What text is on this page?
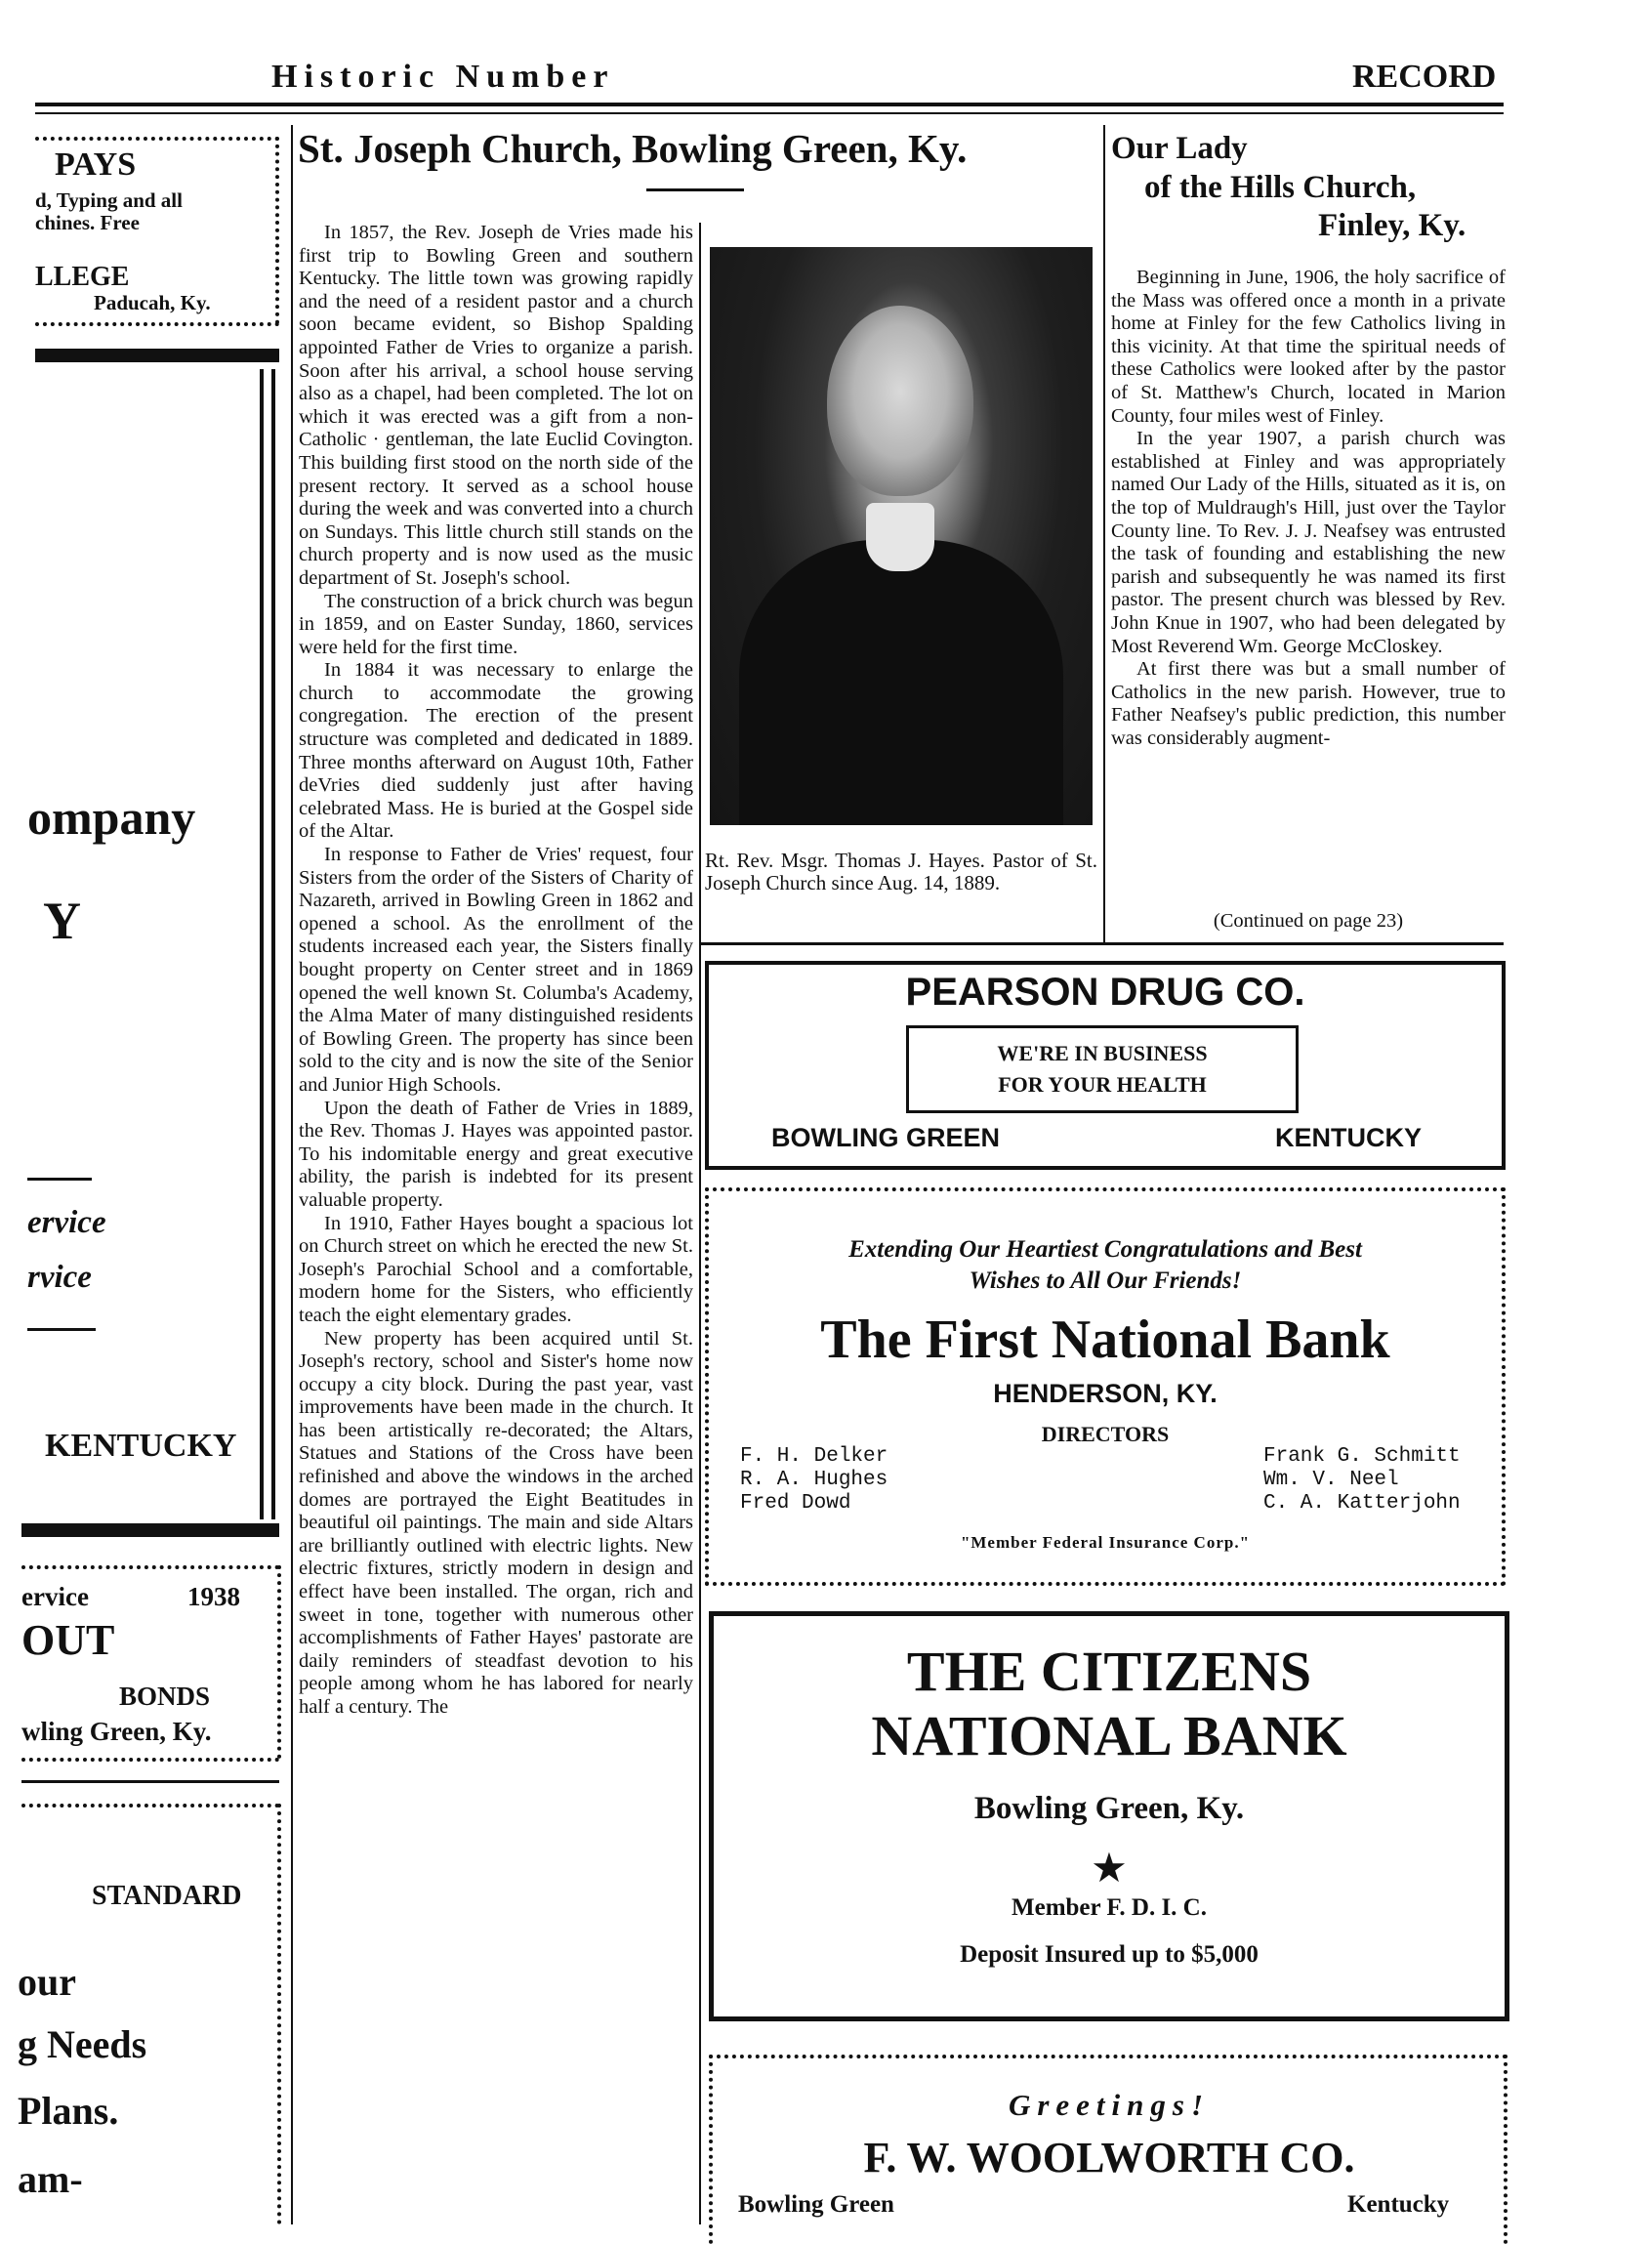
Historic Number	RECORD
PAYS
d, Typing and all
chines. Free
LLEGE
Paducah, Ky.
ompany
Y
ervice
rvice
KENTUCKY
ervice	1938
OUT
BONDS
wling Green, Ky.
STANDARD
our
g Needs
Plans.
am-
St. Joseph Church, Bowling Green, Ky.

In 1857, the Rev. Joseph de Vries made his first trip to Bowling Green and southern Kentucky. The little town was growing rapidly and the need of a resident pastor and a church soon became evident, so Bishop Spalding appointed Father de Vries to organize a parish. Soon after his arrival, a school house serving also as a chapel, had been completed. The lot on which it was erected was a gift from a non-Catholic · gentleman, the late Euclid Covington. This building first stood on the north side of the present rectory. It served as a school house during the week and was converted into a church on Sundays. This little church still stands on the church property and is now used as the music department of St. Joseph's school.

The construction of a brick church was begun in 1859, and on Easter Sunday, 1860, services were held for the first time.

In 1884 it was necessary to enlarge the church to accommodate the growing congregation. The erection of the present structure was completed and dedicated in 1889. Three months afterward on August 10th, Father deVries died suddenly just after having celebrated Mass. He is buried at the Gospel side of the Altar.

In response to Father de Vries' request, four Sisters from the order of the Sisters of Charity of Nazareth, arrived in Bowling Green in 1862 and opened a school. As the enrollment of the students increased each year, the Sisters finally bought property on Center street and in 1869 opened the well known St. Columba's Academy, the Alma Mater of many distinguished residents of Bowling Green. The property has since been sold to the city and is now the site of the Senior and Junior High Schools.

Upon the death of Father de Vries in 1889, the Rev. Thomas J. Hayes was appointed pastor. To his indomitable energy and great executive ability, the parish is indebted for its present valuable property.

In 1910, Father Hayes bought a spacious lot on Church street on which he erected the new St. Joseph's Parochial School and a comfortable, modern home for the Sisters, who efficiently teach the eight elementary grades.

New property has been acquired until St. Joseph's rectory, school and Sister's home now occupy a city block. During the past year, vast improvements have been made in the church. It has been artistically re-decorated; the Altars, Statues and Stations of the Cross have been refinished and above the windows in the arched domes are portrayed the Eight Beatitudes in beautiful oil paintings. The main and side Altars are brilliantly outlined with electric lights. New electric fixtures, strictly modern in design and effect have been installed. The organ, rich and sweet in tone, together with numerous other accomplishments of Father Hayes' pastorate are daily reminders of steadfast devotion to his people among whom he has labored for nearly half a century. The

Rt. Rev. Msgr. Thomas J. Hayes. Pastor of St. Joseph Church since Aug. 14, 1889.
Our Lady
of the Hills Church,
Finley, Ky.

Beginning in June, 1906, the holy sacrifice of the Mass was offered once a month in a private home at Finley for the few Catholics living in this vicinity. At that time the spiritual needs of these Catholics were looked after by the pastor of St. Matthew's Church, located in Marion County, four miles west of Finley.

In the year 1907, a parish church was established at Finley and was appropriately named Our Lady of the Hills, situated as it is, on the top of Muldraugh's Hill, just over the Taylor County line. To Rev. J. J. Neafsey was entrusted the task of founding and establishing the new parish and subsequently he was named its first pastor. The present church was blessed by Rev. John Knue in 1907, who had been delegated by Most Reverend Wm. George McCloskey.

At first there was but a small number of Catholics in the new parish. However, true to Father Neafsey's public prediction, this number was considerably augment-

(Continued on page 23)
PEARSON DRUG CO.
WE'RE IN BUSINESS
FOR YOUR HEALTH
BOWLING GREEN	KENTUCKY
Extending Our Heartiest Congratulations and Best
Wishes to All Our Friends!
The First National Bank
HENDERSON, KY.
DIRECTORS
F. H. Delker
R. A. Hughes
Fred Dowd
Frank G. Schmitt
Wm. V. Neel
C. A. Katterjohn
"Member Federal Insurance Corp."
THE CITIZENS
NATIONAL BANK
Bowling Green, Ky.
★
Member F. D. I. C.
Deposit Insured up to $5,000
Greetings!
F. W. WOOLWORTH CO.
Bowling Green	Kentucky
